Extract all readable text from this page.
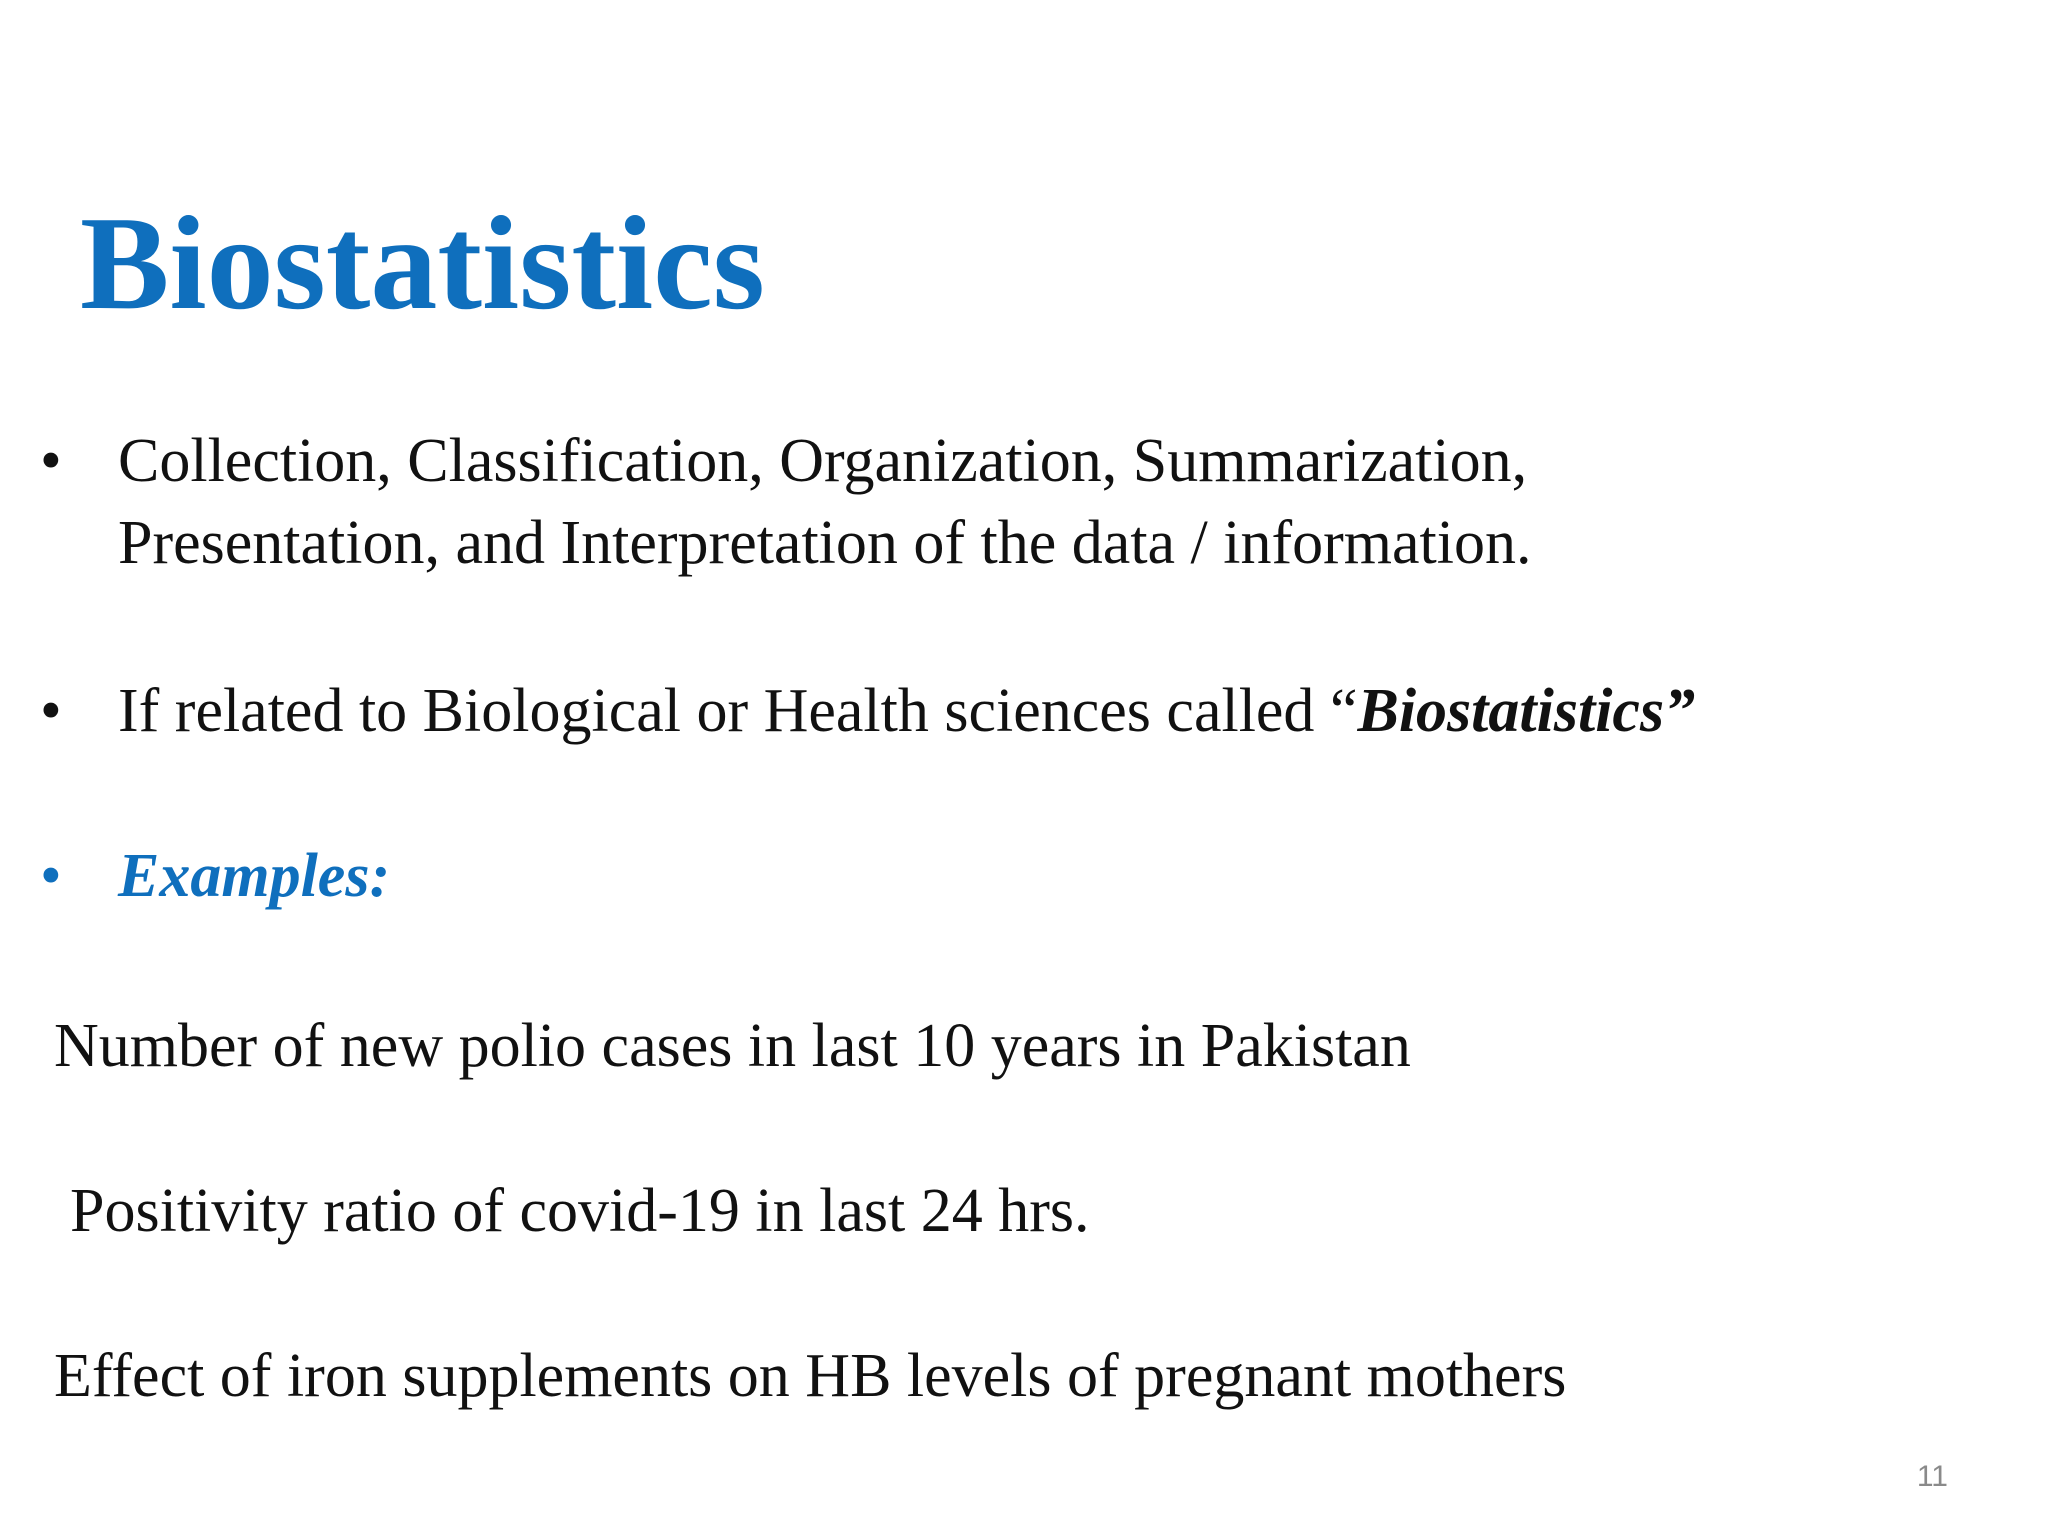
Biostatistics
• Collection, Classification, Organization, Summarization,
Presentation, and Interpretation of the data / information.
• If related to Biological or Health sciences called “Biostatistics”
• Examples:
Number of new polio cases in last 10 years in Pakistan
Positivity ratio of covid-19 in last 24 hrs.
Effect of iron supplements on HB levels of pregnant mothers
11
